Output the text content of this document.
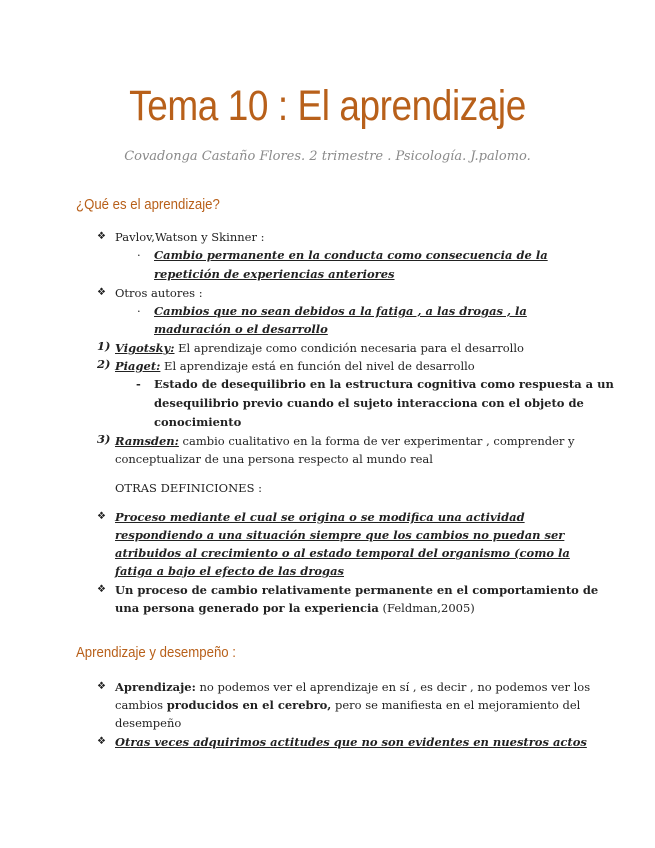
Tema 10 : El aprendizaje
Covadonga Castaño Flores. 2 trimestre . Psicología. J.palomo.
¿Qué es el aprendizaje?
❖ Pavlov,Watson y Skinner :
· Cambio permanente en la conducta como consecuencia de la
repetición de experiencias anteriores
❖ Otros autores :
· Cambios que no sean debidos a la fatiga , a las drogas , la
maduración o el desarrollo
1) Vigotsky: El aprendizaje como condición necesaria para el desarrollo
2) Piaget: El aprendizaje está en función del nivel de desarrollo
- Estado de desequilibrio en la estructura cognitiva como respuesta a un
desequilibrio previo cuando el sujeto interacciona con el objeto de
conocimiento
3) Ramsden: cambio cualitativo en la forma de ver experimentar , comprender y
conceptualizar de una persona respecto al mundo real
OTRAS DEFINICIONES :
❖ Proceso mediante el cual se origina o se modifica una actividad
respondiendo a una situación siempre que los cambios no puedan ser
atribuidos al crecimiento o al estado temporal del organismo (como la
fatiga a bajo el efecto de las drogas
❖ Un proceso de cambio relativamente permanente en el comportamiento de
una persona generado por la experiencia (Feldman,2005)
Aprendizaje y desempeño :
❖ Aprendizaje: no podemos ver el aprendizaje en sí , es decir , no podemos ver los
cambios producidos en el cerebro, pero se manifiesta en el mejoramiento del
desempeño
❖ Otras veces adquirimos actitudes que no son evidentes en nuestros actos
